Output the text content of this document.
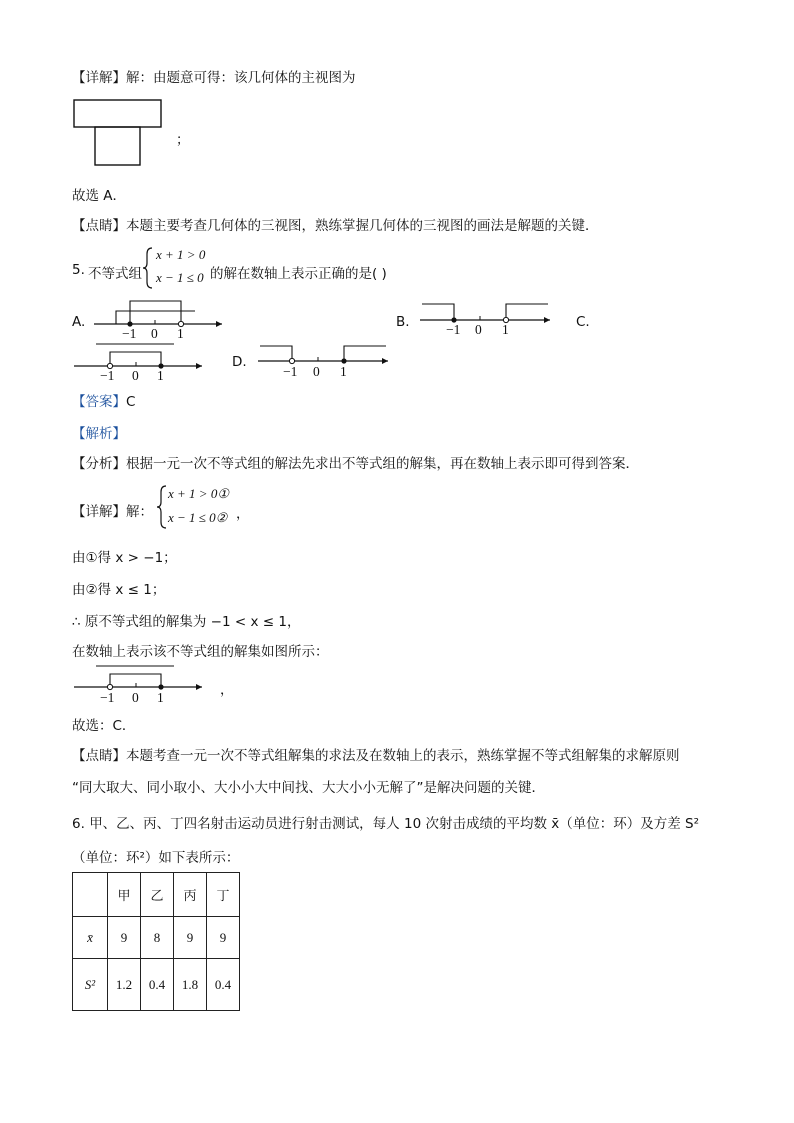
【详解】解：由题意可得：该几何体的主视图为
；
故选 A．
【点睛】本题主要考查几何体的三视图，熟练掌握几何体的三视图的画法是解题的关键．
5. 不等式组
x + 1 > 0
x − 1 ≤ 0 的解在数轴上表示正确的是( )
A.
−1 0 1
B.	−1 0 1	C.
−1 0 1
D.
−1 0 1
【答案】C
【解析】
【分析】根据一元一次不等式组的解法先求出不等式组的解集，再在数轴上表示即可得到答案．
【详解】解：
x + 1 > 0①
x − 1 ≤ 0② ，
由①得 x > −1；
由②得 x ≤ 1；
∴ 原不等式组的解集为 −1 < x ≤ 1，
在数轴上表示该不等式组的解集如图所示：
−1 0 1	，
故选：C．
【点睛】本题考查一元一次不等式组解集的求法及在数轴上的表示，熟练掌握不等式组解集的求解原则
“同大取大、同小取小、大小小大中间找、大大小小无解了”是解决问题的关键．
6. 甲、乙、丙、丁四名射击运动员进行射击测试，每人 10 次射击成绩的平均数 x̄（单位：环）及方差 S²
（单位：环²）如下表所示：
	甲	乙	丙	丁
x̄	9	8	9	9
S²	1.2	0.4	1.8	0.4
